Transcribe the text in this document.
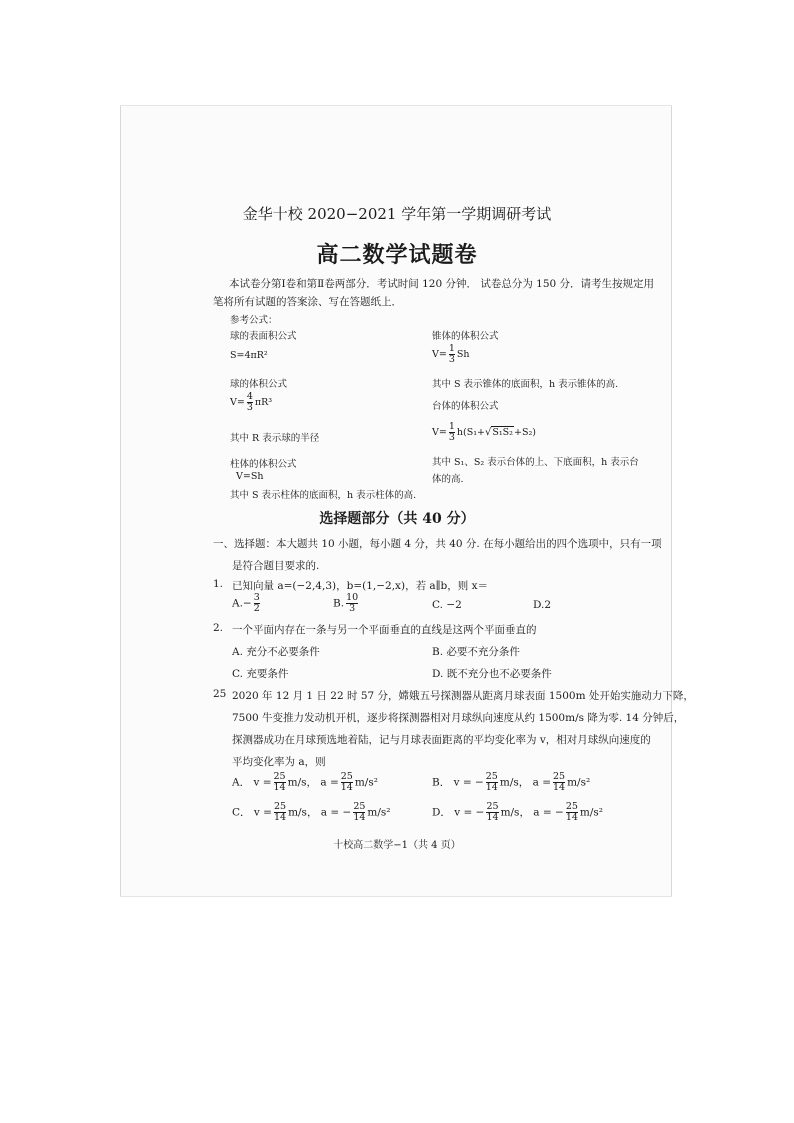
金华十校 2020−2021 学年第一学期调研考试
高二数学试题卷
本试卷分第Ⅰ卷和第Ⅱ卷两部分．考试时间 120 分钟． 试卷总分为 150 分．请考生按规定用笔将所有试题的答案涂、写在答题纸上．
参考公式：
球的表面积公式
S=4πR²
球的体积公式
$V= \frac{4}{3} \pi R^3$
其中 R 表示球的半径
柱体的体积公式
V=Sh
其中 S 表示柱体的底面积，h 表示柱体的高.
锥体的体积公式
$V= \frac{1}{3}$ Sh
其中 S 表示锥体的底面积，h 表示锥体的高.
台体的体积公式
$V= \frac{1}{3} h(S_1+√S_1S_2+S_2)$
其中 S₁、S₂ 表示台体的上、下底面积，h 表示台
体的高.
选择题部分（共 40 分）
一、选择题：本大题共 10 小题，每小题 4 分，共 40 分. 在每小题给出的四个选项中，只有一项
是符合题目要求的.
1. 已知向量 a=(−2,4,3)，b=(1,−2,x)，若 a∥b，则 x＝
$A.- \frac{3}{2}$	B. $\frac{10}{3}$	C. −2	D.2
2. 一个平面内存在一条与另一个平面垂直的直线是这两个平面垂直的
A. 充分不必要条件	B. 必要不充分条件
C. 充要条件	D. 既不充分也不必要条件
25 2020 年 12 月 1 日 22 时 57 分，嫦娥五号探测器从距离月球表面 1500m 处开始实施动力下降，
7500 牛变推力发动机开机，逐步将探测器相对月球纵向速度从约 1500m/s 降为零. 14 分钟后，
探测器成功在月球预选地着陆，记与月球表面距离的平均变化率为 v，相对月球纵向速度的
平均变化率为 a，则
A． $v = \frac{25}{14} m/s$， $a = \frac{25}{14} m/s^2$	B． v = − $\frac{25}{14} m/s$， $a = \frac{25}{14} m/s^2$
C． $v = \frac{25}{14} m/s$， a = − $\frac{25}{14} m/s^2$	D． v = − $\frac{25}{14} m/s$， a = − $\frac{25}{14} m/s^2$
十校高二数学−1（共 4 页）
